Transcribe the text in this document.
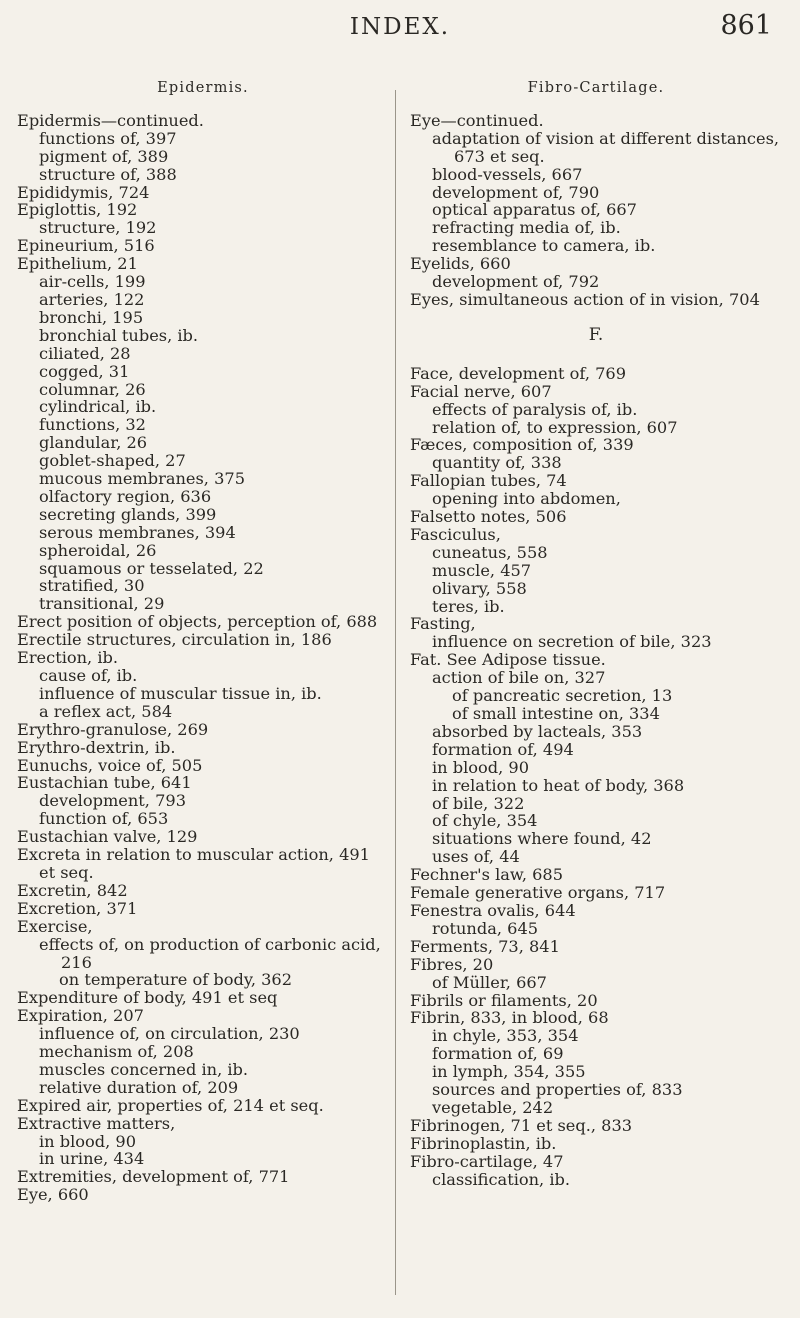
INDEX.	861
Epidermis.
Epidermis—continued.
functions of, 397
pigment of, 389
structure of, 388
Epididymis, 724
Epiglottis, 192
structure, 192
Epineurium, 516
Epithelium, 21
air-cells, 199
arteries, 122
bronchi, 195
bronchial tubes, ib.
ciliated, 28
cogged, 31
columnar, 26
cylindrical, ib.
functions, 32
glandular, 26
goblet-shaped, 27
mucous membranes, 375
olfactory region, 636
secreting glands, 399
serous membranes, 394
spheroidal, 26
squamous or tesselated, 22
stratified, 30
transitional, 29
Erect position of objects, perception of, 688
Erectile structures, circulation in, 186
Erection, ib.
cause of, ib.
influence of muscular tissue in, ib.
a reflex act, 584
Erythro-granulose, 269
Erythro-dextrin, ib.
Eunuchs, voice of, 505
Eustachian tube, 641
development, 793
function of, 653
Eustachian valve, 129
Excreta in relation to muscular action, 491 et seq.
Excretin, 842
Excretion, 371
Exercise,
effects of, on production of carbonic acid, 216
on temperature of body, 362
Expenditure of body, 491 et seq
Expiration, 207
influence of, on circulation, 230
mechanism of, 208
muscles concerned in, ib.
relative duration of, 209
Expired air, properties of, 214 et seq.
Extractive matters,
in blood, 90
in urine, 434
Extremities, development of, 771
Eye, 660
Fibro-Cartilage.
Eye—continued.
adaptation of vision at different distances, 673 et seq.
blood-vessels, 667
development of, 790
optical apparatus of, 667
refracting media of, ib.
resemblance to camera, ib.
Eyelids, 660
development of, 792
Eyes, simultaneous action of in vision, 704
F.
Face, development of, 769
Facial nerve, 607
effects of paralysis of, ib.
relation of, to expression, 607
Fæces, composition of, 339
quantity of, 338
Fallopian tubes, 74
opening into abdomen,
Falsetto notes, 506
Fasciculus,
cuneatus, 558
muscle, 457
olivary, 558
teres, ib.
Fasting,
influence on secretion of bile, 323
Fat. See Adipose tissue.
action of bile on, 327
of pancreatic secretion, 13
of small intestine on, 334
absorbed by lacteals, 353
formation of, 494
in blood, 90
in relation to heat of body, 368
of bile, 322
of chyle, 354
situations where found, 42
uses of, 44
Fechner's law, 685
Female generative organs, 717
Fenestra ovalis, 644
rotunda, 645
Ferments, 73, 841
Fibres, 20
of Müller, 667
Fibrils or filaments, 20
Fibrin, 833, in blood, 68
in chyle, 353, 354
formation of, 69
in lymph, 354, 355
sources and properties of, 833
vegetable, 242
Fibrinogen, 71 et seq., 833
Fibrinoplastin, ib.
Fibro-cartilage, 47
classification, ib.
